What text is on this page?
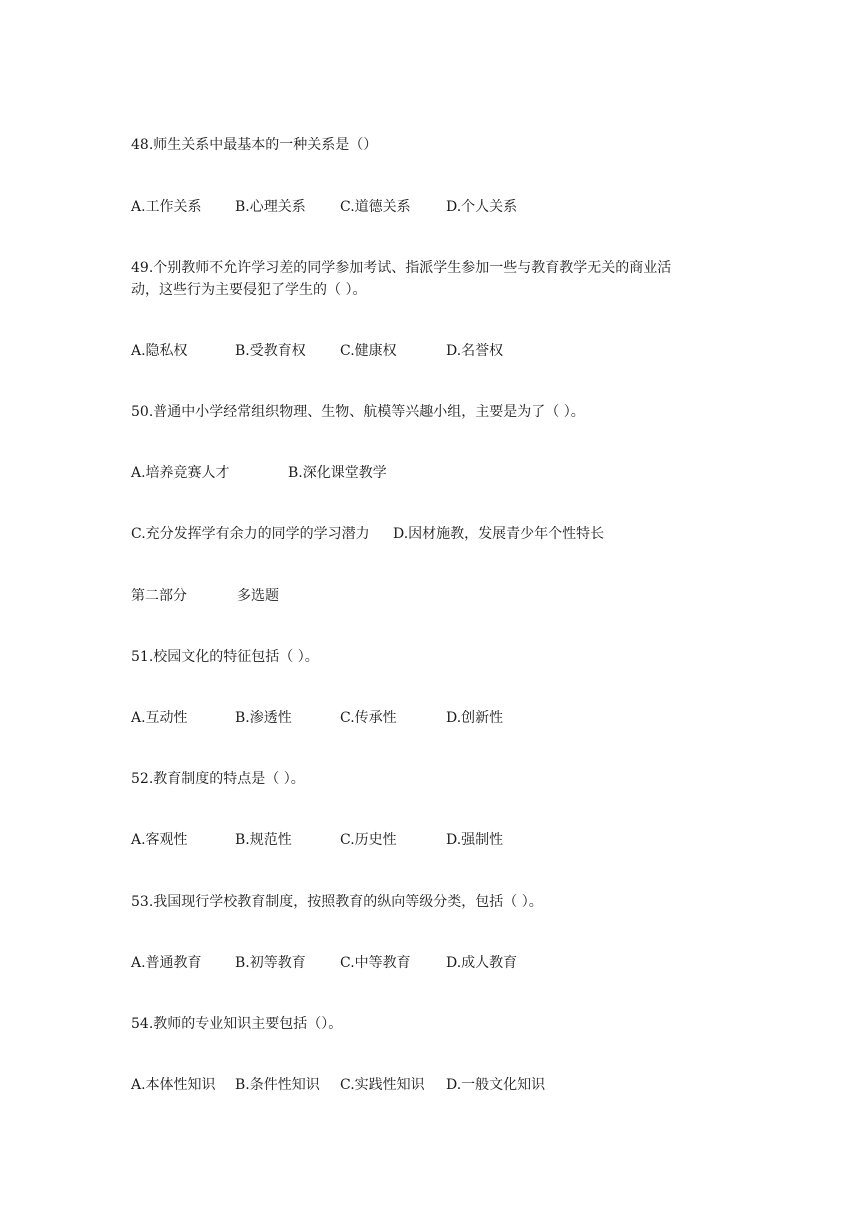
48.师生关系中最基本的一种关系是（）
A.工作关系 B.心理关系 C.道德关系	D.个人关系
49.个别教师不允许学习差的同学参加考试、指派学生参加一些与教育教学无关的商业活
动，这些行为主要侵犯了学生的（ ）。
A.隐私权	B.受教育权 C.健康权	D.名誉权
50.普通中小学经常组织物理、生物、航模等兴趣小组，主要是为了（ ）。
A.培养竞赛人才	B.深化课堂教学
C.充分发挥学有余力的同学的学习潜力 D.因材施教，发展青少年个性特长
第二部分	多选题
51.校园文化的特征包括（ ）。
A.互动性	B.渗透性	C.传承性	D.创新性
52.教育制度的特点是（ ）。
A.客观性	B.规范性	C.历史性	D.强制性
53.我国现行学校教育制度，按照教育的纵向等级分类，包括（ ）。
A.普通教育 B.初等教育 C.中等教育	D.成人教育
54.教师的专业知识主要包括（）。
A.本体性知识 B.条件性知识 C.实践性知识 D.一般文化知识
